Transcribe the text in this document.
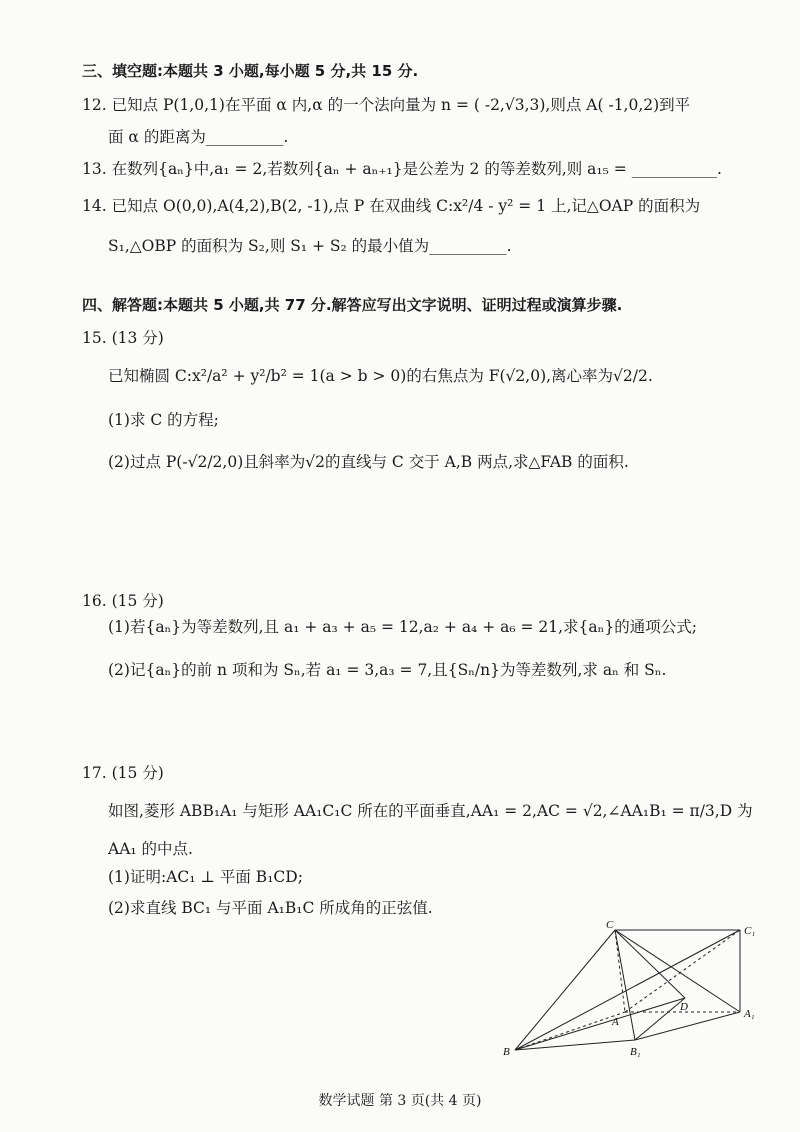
三、填空题:本题共 3 小题,每小题 5 分,共 15 分.
12. 已知点 P(1,0,1)在平面 α 内,α 的一个法向量为 n = ( -2,√3,3),则点 A( -1,0,2)到平
面 α 的距离为__________.
13. 在数列{aₙ}中,a₁ = 2,若数列{aₙ + aₙ₊₁}是公差为 2 的等差数列,则 a₁₅ = ___________.
14. 已知点 O(0,0),A(4,2),B(2, -1),点 P 在双曲线 C:x²/4 - y² = 1 上,记△OAP 的面积为
S₁,△OBP 的面积为 S₂,则 S₁ + S₂ 的最小值为__________.
四、解答题:本题共 5 小题,共 77 分.解答应写出文字说明、证明过程或演算步骤.
15. (13 分)
已知椭圆 C:x²/a² + y²/b² = 1(a > b > 0)的右焦点为 F(√2,0),离心率为√2/2.
(1)求 C 的方程;
(2)过点 P(-√2/2,0)且斜率为√2的直线与 C 交于 A,B 两点,求△FAB 的面积.
16. (15 分)
(1)若{aₙ}为等差数列,且 a₁ + a₃ + a₅ = 12,a₂ + a₄ + a₆ = 21,求{aₙ}的通项公式;
(2)记{aₙ}的前 n 项和为 Sₙ,若 a₁ = 3,a₃ = 7,且{Sₙ/n}为等差数列,求 aₙ 和 Sₙ.
17. (15 分)
如图,菱形 ABB₁A₁ 与矩形 AA₁C₁C 所在的平面垂直,AA₁ = 2,AC = √2,∠AA₁B₁ = π/3,D 为
AA₁ 的中点.
(1)证明:AC₁ ⊥ 平面 B₁CD;
(2)求直线 BC₁ 与平面 A₁B₁C 所成角的正弦值.
C	C₁
A
A₁
B	B₁
D
数学试题 第 3 页(共 4 页)
